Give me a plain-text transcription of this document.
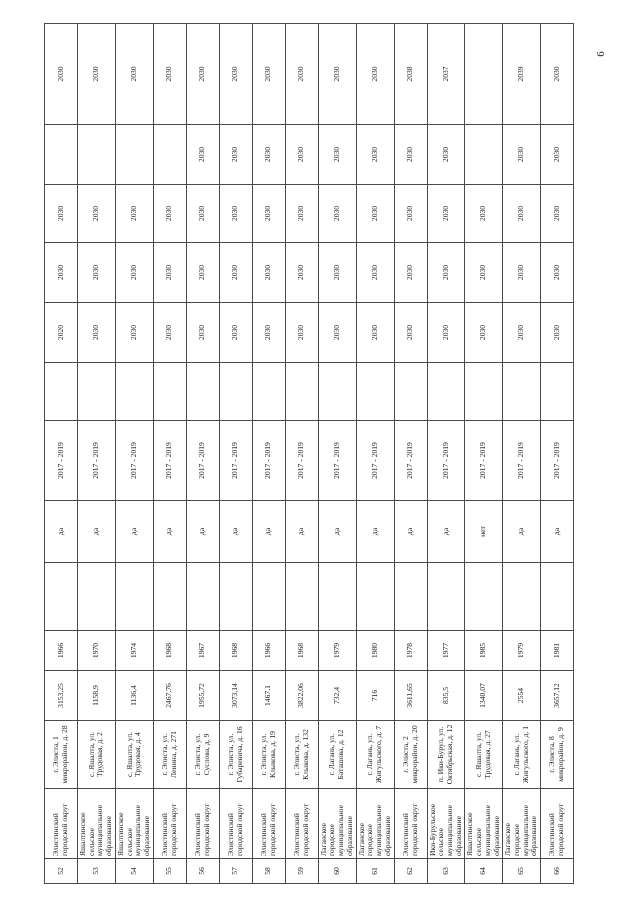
52	Элистинский городской округ	г. Элиста, 1 микрорайон, д. 28	3153,25	1966		да	2017 - 2019		2020	2030	2030		2030
53	Яшалтинское сельское муниципальное образование	с. Яшалта, ул. Трудовая, д. 2	1158,9	1970		да	2017 - 2019		2030	2030	2030		2030
54	Яшалтинское сельское муниципальное образование	с. Яшалта, ул. Трудовая, д. 4	1136,4	1974		да	2017 - 2019		2030	2030	2030		2030
55	Элистинский городской округ	г. Элиста, ул. Ленина, д. 271	2467,76	1968		да	2017 - 2019		2030	2030	2030		2030
56	Элистинский городской округ	г. Элиста, ул. Суслова, д. 9	1955,72	1967		да	2017 - 2019		2030	2030	2030	2030	2030
57	Элистинский городской округ	г. Элиста, ул. Губаревича, д. 16	3073,14	1968		да	2017 - 2019		2030	2030	2030	2030	2030
58	Элистинский городской округ	г. Элиста, ул. Клыкова, д. 19	1467,1	1966		да	2017 - 2019		2030	2030	2030	2030	2030
59	Элистинский городской округ	г. Элиста, ул. Клыкова, д. 132	3822,06	1968		да	2017 - 2019		2030	2030	2030	2030	2030
60	Лаганское городское муниципальное образование	г. Лагань, ул. Баташова, д. 12	732,4	1979		да	2017 - 2019		2030	2030	2030	2030	2030
61	Лаганское городское муниципальное образование	г. Лагань, ул. Жигульского, д. 7	716	1980		да	2017 - 2019		2030	2030	2030	2030	2030
62	Элистинский городской округ	г. Элиста, 2 микрорайон, д. 20	3611,65	1978		да	2017 - 2019		2030	2030	2030	2030	2038
63	Ики-Бурульское сельское муниципальное образование	п. Ики-Бурул, ул. Октябрьская, д. 12	835,5	1977		да	2017 - 2019		2030	2030	2030	2030	2037
64	Яшалтинское сельское муниципальное образование	с. Яшалта, ул. Трудовая, д. 27	1340,07	1985		нет	2017 - 2019		2030	2030	2030		
65	Лаганское городское муниципальное образование	г. Лагань, ул. Жигульского, д. 1	2554	1979		да	2017 - 2019		2030	2030	2030	2030	2039
66	Элистинский городской округ	г. Элиста, 8 микрорайон, д. 9	3657,12	1981		да	2017 - 2019		2030	2030	2030	2030	2030
6
